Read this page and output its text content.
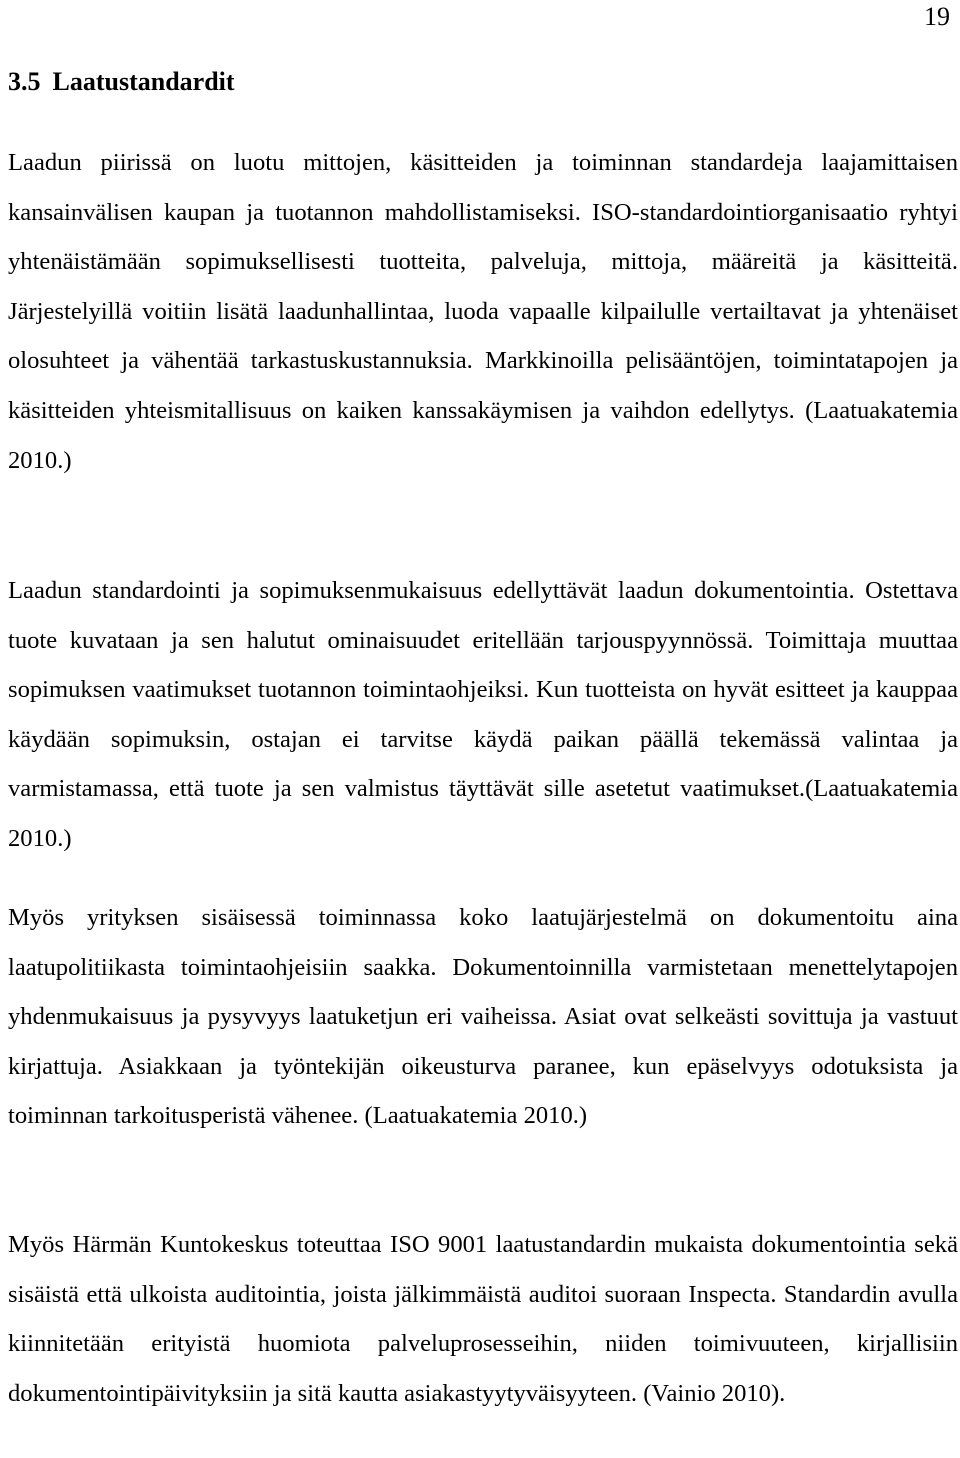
19
3.5 Laatustandardit

Laadun piirissä on luotu mittojen, käsitteiden ja toiminnan standardeja laajamittaisen kansainvälisen kaupan ja tuotannon mahdollistamiseksi. ISO-standardointiorganisaatio ryhtyi yhtenäistämään sopimuksellisesti tuotteita, palveluja, mittoja, määreitä ja käsitteitä. Järjestelyillä voitiin lisätä laadunhallintaa, luoda vapaalle kilpailulle vertailtavat ja yhtenäiset olosuhteet ja vähentää tarkastuskustannuksia. Markkinoilla pelisääntöjen, toimintatapojen ja käsitteiden yhteismitallisuus on kaiken kanssakäymisen ja vaihdon edellytys. (Laatuakatemia 2010.)

Laadun standardointi ja sopimuksenmukaisuus edellyttävät laadun dokumentointia. Ostettava tuote kuvataan ja sen halutut ominaisuudet eritellään tarjouspyynnössä. Toimittaja muuttaa sopimuksen vaatimukset tuotannon toimintaohjeiksi. Kun tuotteista on hyvät esitteet ja kauppaa käydään sopimuksin, ostajan ei tarvitse käydä paikan päällä tekemässä valintaa ja varmistamassa, että tuote ja sen valmistus täyttävät sille asetetut vaatimukset.(Laatuakatemia 2010.)

Myös yrityksen sisäisessä toiminnassa koko laatujärjestelmä on dokumentoitu aina laatupolitiikasta toimintaohjeisiin saakka. Dokumentoinnilla varmistetaan menettelytapojen yhdenmukaisuus ja pysyvyys laatuketjun eri vaiheissa. Asiat ovat selkeästi sovittuja ja vastuut kirjattuja. Asiakkaan ja työntekijän oikeusturva paranee, kun epäselvyys odotuksista ja toiminnan tarkoitusperistä vähenee. (Laatuakatemia 2010.)

Myös Härmän Kuntokeskus toteuttaa ISO 9001 laatustandardin mukaista dokumentointia sekä sisäistä että ulkoista auditointia, joista jälkimmäistä auditoi suoraan Inspecta. Standardin avulla kiinnitetään erityistä huomiota palveluprosesseihin, niiden toimivuuteen, kirjallisiin dokumentointipäivityksiin ja sitä kautta asiakastyytyväisyyteen. (Vainio 2010).
